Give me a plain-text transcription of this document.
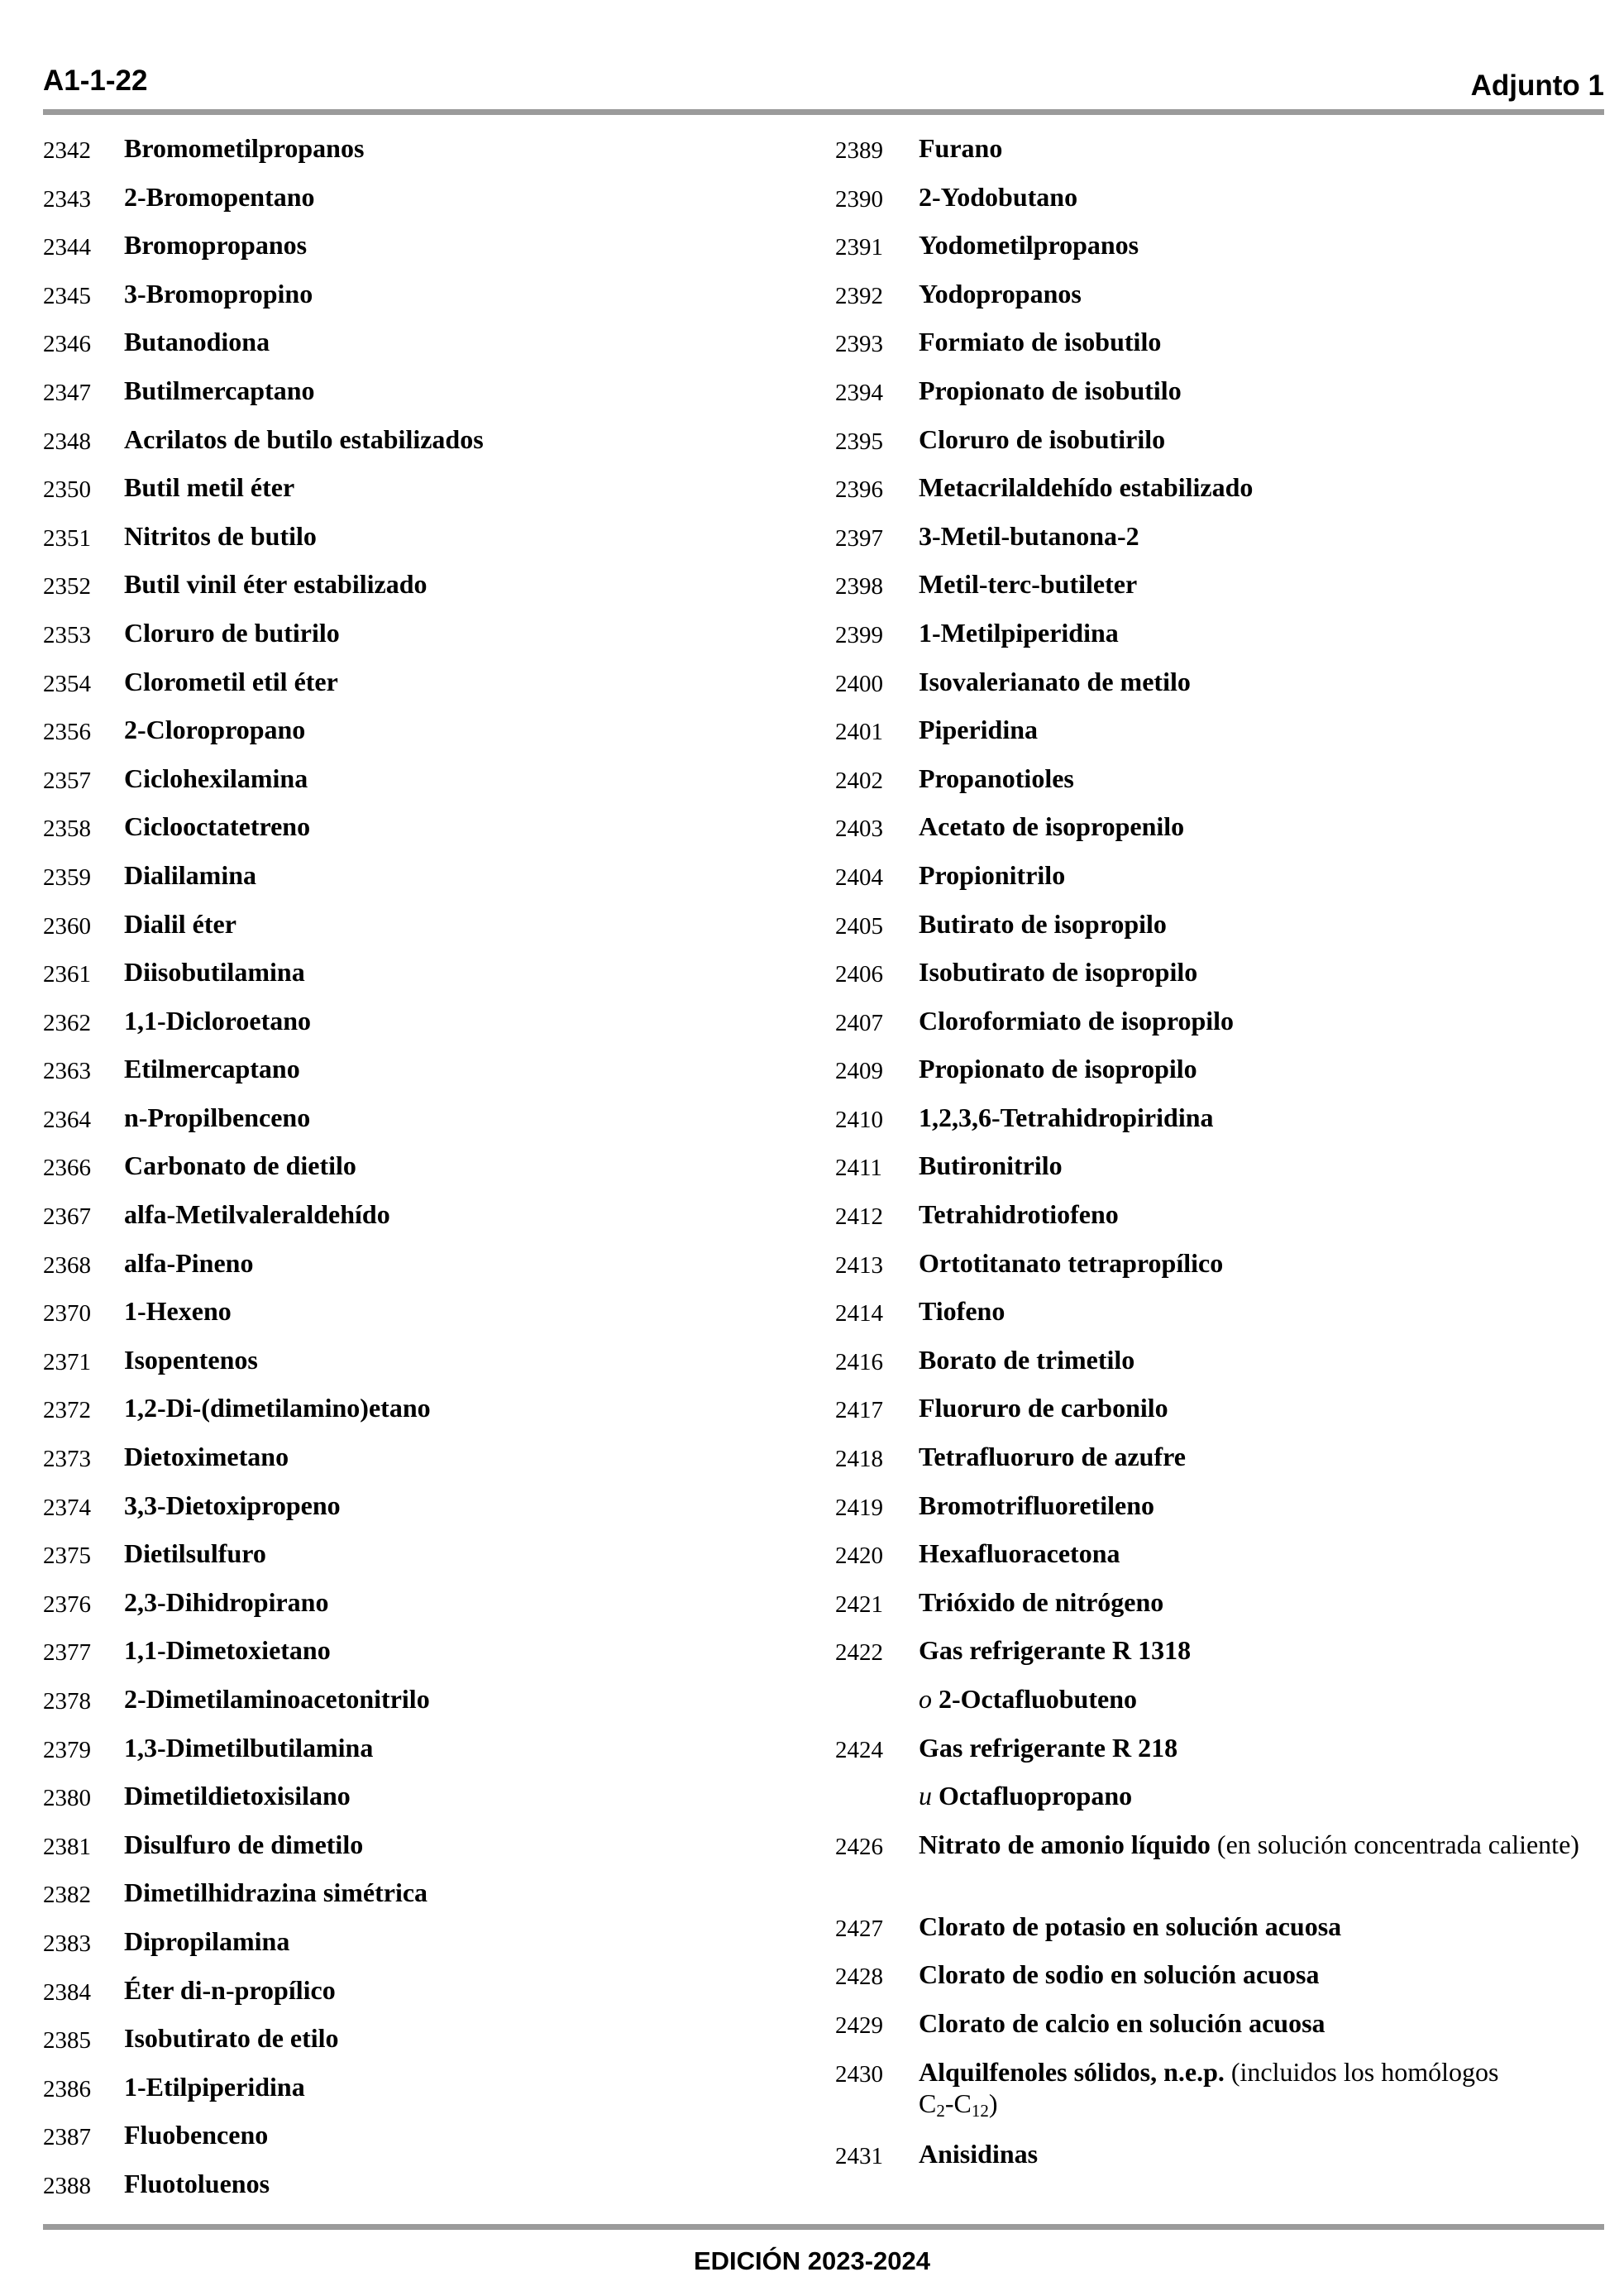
A1-1-22	Adjunto 1
2342	Bromometilpropanos
2343	2-Bromopentano
2344	Bromopropanos
2345	3-Bromopropino
2346	Butanodiona
2347	Butilmercaptano
2348	Acrilatos de butilo estabilizados
2350	Butil metil éter
2351	Nitritos de butilo
2352	Butil vinil éter estabilizado
2353	Cloruro de butirilo
2354	Clorometil etil éter
2356	2-Cloropropano
2357	Ciclohexilamina
2358	Ciclooctatetreno
2359	Dialilamina
2360	Dialil éter
2361	Diisobutilamina
2362	1,1-Dicloroetano
2363	Etilmercaptano
2364	n-Propilbenceno
2366	Carbonato de dietilo
2367	alfa-Metilvaleraldehído
2368	alfa-Pineno
2370	1-Hexeno
2371	Isopentenos
2372	1,2-Di-(dimetilamino)etano
2373	Dietoximetano
2374	3,3-Dietoxipropeno
2375	Dietilsulfuro
2376	2,3-Dihidropirano
2377	1,1-Dimetoxietano
2378	2-Dimetilaminoacetonitrilo
2379	1,3-Dimetilbutilamina
2380	Dimetildietoxisilano
2381	Disulfuro de dimetilo
2382	Dimetilhidrazina simétrica
2383	Dipropilamina
2384	Éter di-n-propílico
2385	Isobutirato de etilo
2386	1-Etilpiperidina
2387	Fluobenceno
2388	Fluotoluenos
2389	Furano
2390	2-Yodobutano
2391	Yodometilpropanos
2392	Yodopropanos
2393	Formiato de isobutilo
2394	Propionato de isobutilo
2395	Cloruro de isobutirilo
2396	Metacrilaldehído estabilizado
2397	3-Metil-butanona-2
2398	Metil-terc-butileter
2399	1-Metilpiperidina
2400	Isovalerianato de metilo
2401	Piperidina
2402	Propanotioles
2403	Acetato de isopropenilo
2404	Propionitrilo
2405	Butirato de isopropilo
2406	Isobutirato de isopropilo
2407	Cloroformiato de isopropilo
2409	Propionato de isopropilo
2410	1,2,3,6-Tetrahidropiridina
2411	Butironitrilo
2412	Tetrahidrotiofeno
2413	Ortotitanato tetrapropílico
2414	Tiofeno
2416	Borato de trimetilo
2417	Fluoruro de carbonilo
2418	Tetrafluoruro de azufre
2419	Bromotrifluoretileno
2420	Hexafluoracetona
2421	Trióxido de nitrógeno
2422	Gas refrigerante R 1318
o 2-Octafluobuteno
2424	Gas refrigerante R 218
u Octafluopropano
2426	Nitrato de amonio líquido (en solución concentrada caliente)
2427	Clorato de potasio en solución acuosa
2428	Clorato de sodio en solución acuosa
2429	Clorato de calcio en solución acuosa
2430	Alquilfenoles sólidos, n.e.p. (incluidos los homólogos
$C_2-C_{12}$)
2431	Anisidinas
EDICIÓN 2023-2024
